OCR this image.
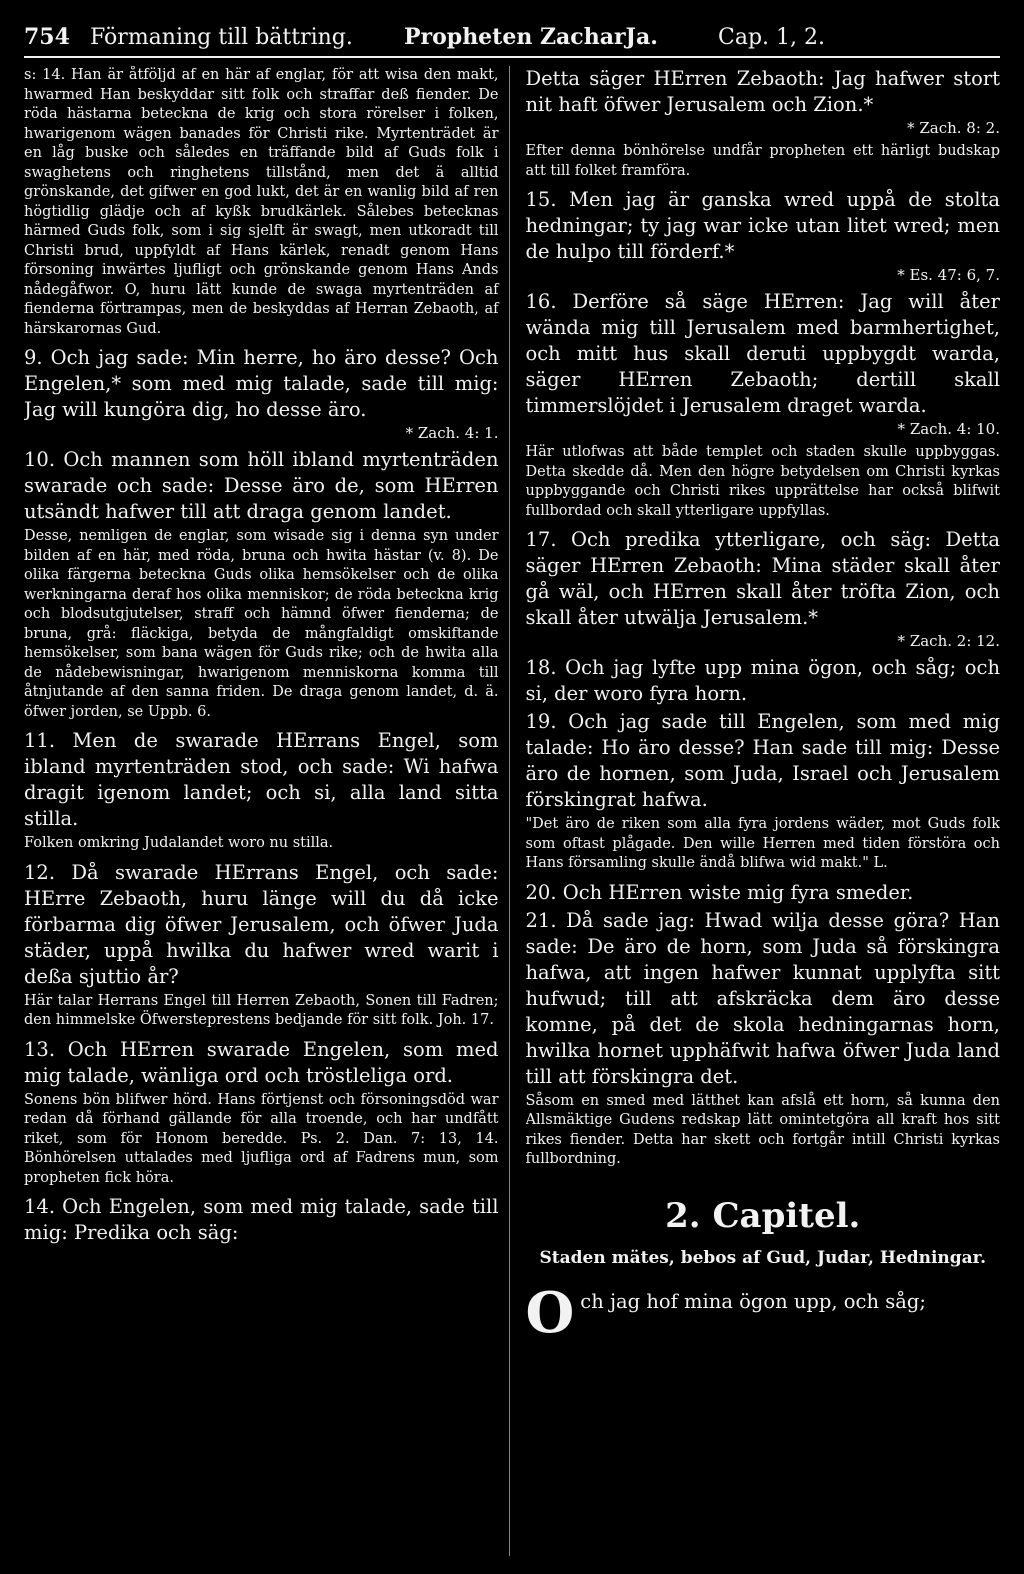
754 Förmaning till bättring.	Propheten ZacharJa.	Cap. 1, 2.

s: 14. Han är åtföljd af en här af englar, för att wisa den makt, hwarmed Han beskyddar sitt folk och straffar deß fiender. De röda hästarna beteckna de krig och stora rörelser i folken, hwarigenom wägen banades för Christi rike. Myrtenträdet är en låg buske och således en träffande bild af Guds folk i swaghetens och ringhetens tillstånd, men det ä alltid grönskande, det gifwer en god lukt, det är en wanlig bild af ren högtidlig glädje och af kyßk brudkärlek. Sålebes betecknas härmed Guds folk, som i sig sjelft är swagt, men utkoradt till Christi brud, uppfyldt af Hans kärlek, renadt genom Hans försoning inwärtes ljufligt och grönskande genom Hans Ands nådegåfwor. O, huru lätt kunde de swaga myrtenträden af fienderna förtrampas, men de beskyddas af Herran Zebaoth, af härskarornas Gud.

9. Och jag sade: Min herre, ho äro desse? Och Engelen,* som med mig talade, sade till mig: Jag will kungöra dig, ho desse äro.

* Zach. 4: 1.

10. Och mannen som höll ibland myrtenträden swarade och sade: Desse äro de, som HErren utsändt hafwer till att draga genom landet.

Desse, nemligen de englar, som wisade sig i denna syn under bilden af en här, med röda, bruna och hwita hästar (v. 8). De olika färgerna beteckna Guds olika hemsökelser och de olika werkningarna deraf hos olika menniskor; de röda beteckna krig och blodsutgjutelser, straff och hämnd öfwer fienderna; de bruna, grå: fläckiga, betyda de mångfaldigt omskiftande hemsökelser, som bana wägen för Guds rike; och de hwita alla de nådebewisningar, hwarigenom menniskorna komma till åtnjutande af den sanna friden. De draga genom landet, d. ä. öfwer jorden, se Uppb. 6.

11. Men de swarade HErrans Engel, som ibland myrtenträden stod, och sade: Wi hafwa dragit igenom landet; och si, alla land sitta stilla.

Folken omkring Judalandet woro nu stilla.

12. Då swarade HErrans Engel, och sade: HErre Zebaoth, huru länge will du då icke förbarma dig öfwer Jerusalem, och öfwer Juda städer, uppå hwilka du hafwer wred warit i deßa sjuttio år?

Här talar Herrans Engel till Herren Zebaoth, Sonen till Fadren; den himmelske Öfwersteprestens bedjande för sitt folk. Joh. 17.

13. Och HErren swarade Engelen, som med mig talade, wänliga ord och tröstleliga ord.

Sonens bön blifwer hörd. Hans förtjenst och försoningsdöd war redan då förhand gällande för alla troende, och har undfått riket, som för Honom beredde. Ps. 2. Dan. 7: 13, 14. Bönhörelsen uttalades med ljufliga ord af Fadrens mun, som propheten fick höra.

14. Och Engelen, som med mig talade, sade till mig: Predika och säg:

Detta säger HErren Zebaoth: Jag hafwer stort nit haft öfwer Jerusalem och Zion.*

* Zach. 8: 2.

Efter denna bönhörelse undfår propheten ett härligt budskap att till folket framföra.

15. Men jag är ganska wred uppå de stolta hedningar; ty jag war icke utan litet wred; men de hulpo till förderf.*

* Es. 47: 6, 7.

16. Derföre så säge HErren: Jag will åter wända mig till Jerusalem med barmhertighet, och mitt hus skall deruti uppbygdt warda, säger HErren Zebaoth; dertill skall timmerslöjdet i Jerusalem draget warda.

* Zach. 4: 10.

Här utlofwas att både templet och staden skulle uppbyggas. Detta skedde då. Men den högre betydelsen om Christi kyrkas uppbyggande och Christi rikes upprättelse har också blifwit fullbordad och skall ytterligare uppfyllas.

17. Och predika ytterligare, och säg: Detta säger HErren Zebaoth: Mina städer skall åter gå wäl, och HErren skall åter tröfta Zion, och skall åter utwälja Jerusalem.*

* Zach. 2: 12.

18. Och jag lyfte upp mina ögon, och såg; och si, der woro fyra horn.

19. Och jag sade till Engelen, som med mig talade: Ho äro desse? Han sade till mig: Desse äro de hornen, som Juda, Israel och Jerusalem förskingrat hafwa.

"Det äro de riken som alla fyra jordens wäder, mot Guds folk som oftast plågade. Den wille Herren med tiden förstöra och Hans församling skulle ändå blifwa wid makt." L.

20. Och HErren wiste mig fyra smeder.

21. Då sade jag: Hwad wilja desse göra? Han sade: De äro de horn, som Juda så förskingra hafwa, att ingen hafwer kunnat upplyfta sitt hufwud; till att afskräcka dem äro desse komne, på det de skola hedningarnas horn, hwilka hornet upphäfwit hafwa öfwer Juda land till att förskingra det.

Såsom en smed med lätthet kan afslå ett horn, så kunna den Allsmäktige Gudens redskap lätt omintetgöra all kraft hos sitt rikes fiender. Detta har skett och fortgår intill Christi kyrkas fullbordning.

2. Capitel.
Staden mätes, bebos af Gud, Judar, Hedningar.

O ch jag hof mina ögon upp, och såg;
